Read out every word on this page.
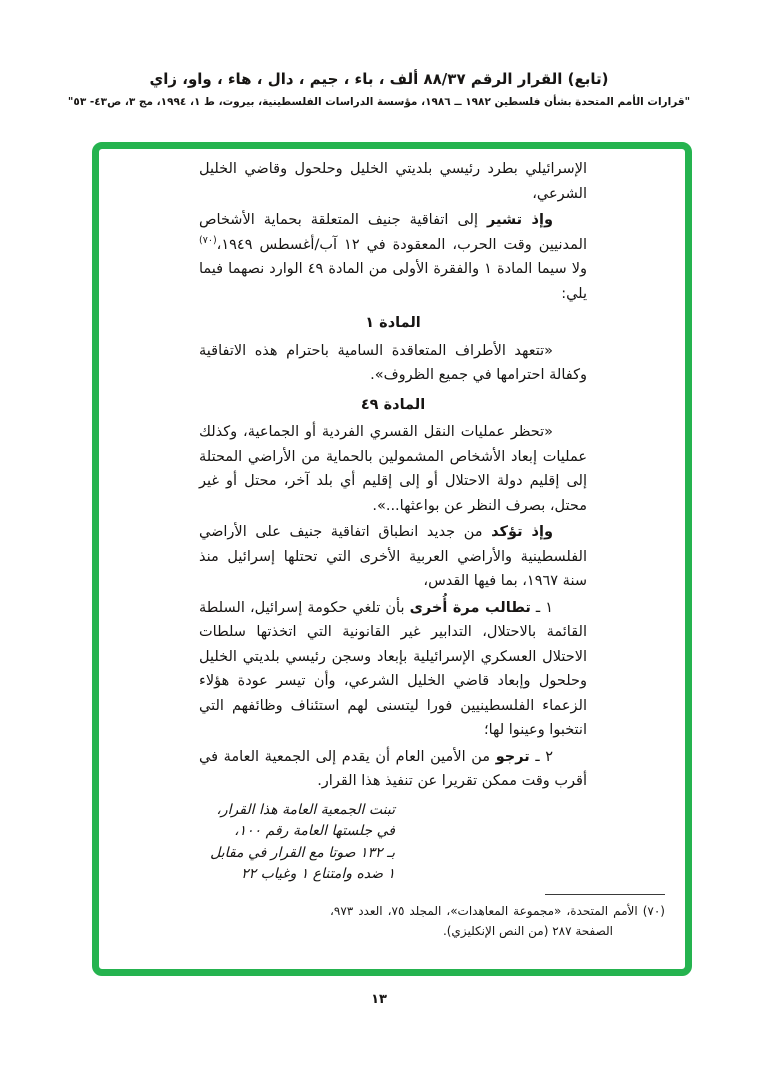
(تابع) القرار الرقم ٨٨/٣٧ ألف ، باء ، جيم ، دال ، هاء ، واو، زاي
"قرارات الأمم المتحدة بشأن فلسطين ١٩٨٢ ــ ١٩٨٦، مؤسسة الدراسات الفلسطينية، بيروت، ط ١، ١٩٩٤، مج ٣، ص٤٣- ٥٣"

الإسرائيلي بطرد رئيسي بلديتي الخليل وحلحول وقاضي الخليل الشرعي،

وإذ تشير إلى اتفاقية جنيف المتعلقة بحماية الأشخاص المدنيين وقت الحرب، المعقودة في ١٢ آب/أغسطس ١٩٤٩،$^{(٧٠)}$ ولا سيما المادة ١ والفقرة الأولى من المادة ٤٩ الوارد نصهما فيما يلي:

المادة ١

«تتعهد الأطراف المتعاقدة السامية باحترام هذه الاتفاقية وكفالة احترامها في جميع الظروف».

المادة ٤٩

«تحظر عمليات النقل القسري الفردية أو الجماعية، وكذلك عمليات إبعاد الأشخاص المشمولين بالحماية من الأراضي المحتلة إلى إقليم دولة الاحتلال أو إلى إقليم أي بلد آخر، محتل أو غير محتل، بصرف النظر عن بواعثها...».

وإذ تؤكد من جديد انطباق اتفاقية جنيف على الأراضي الفلسطينية والأراضي العربية الأخرى التي تحتلها إسرائيل منذ سنة ١٩٦٧، بما فيها القدس،

١ ـ تطالب مرة أُخرى بأن تلغي حكومة إسرائيل، السلطة القائمة بالاحتلال، التدابير غير القانونية التي اتخذتها سلطات الاحتلال العسكري الإسرائيلية بإبعاد وسجن رئيسي بلديتي الخليل وحلحول وإبعاد قاضي الخليل الشرعي، وأن تيسر عودة هؤلاء الزعماء الفلسطينيين فورا ليتسنى لهم استئناف وظائفهم التي انتخبوا وعينوا لها؛

٢ ـ ترجو من الأمين العام أن يقدم إلى الجمعية العامة في أقرب وقت ممكن تقريرا عن تنفيذ هذا القرار.

تبنت الجمعية العامة هذا القرار،
في جلستها العامة رقم ١٠٠،
بـ ١٣٢ صوتا مع القرار في مقابل
١ ضده وامتناع ١ وغياب ٢٢

(٧٠) الأمم المتحدة، «مجموعة المعاهدات»، المجلد ٧٥، العدد ٩٧٣، الصفحة ٢٨٧ (من النص الإنكليزي).

١٣
